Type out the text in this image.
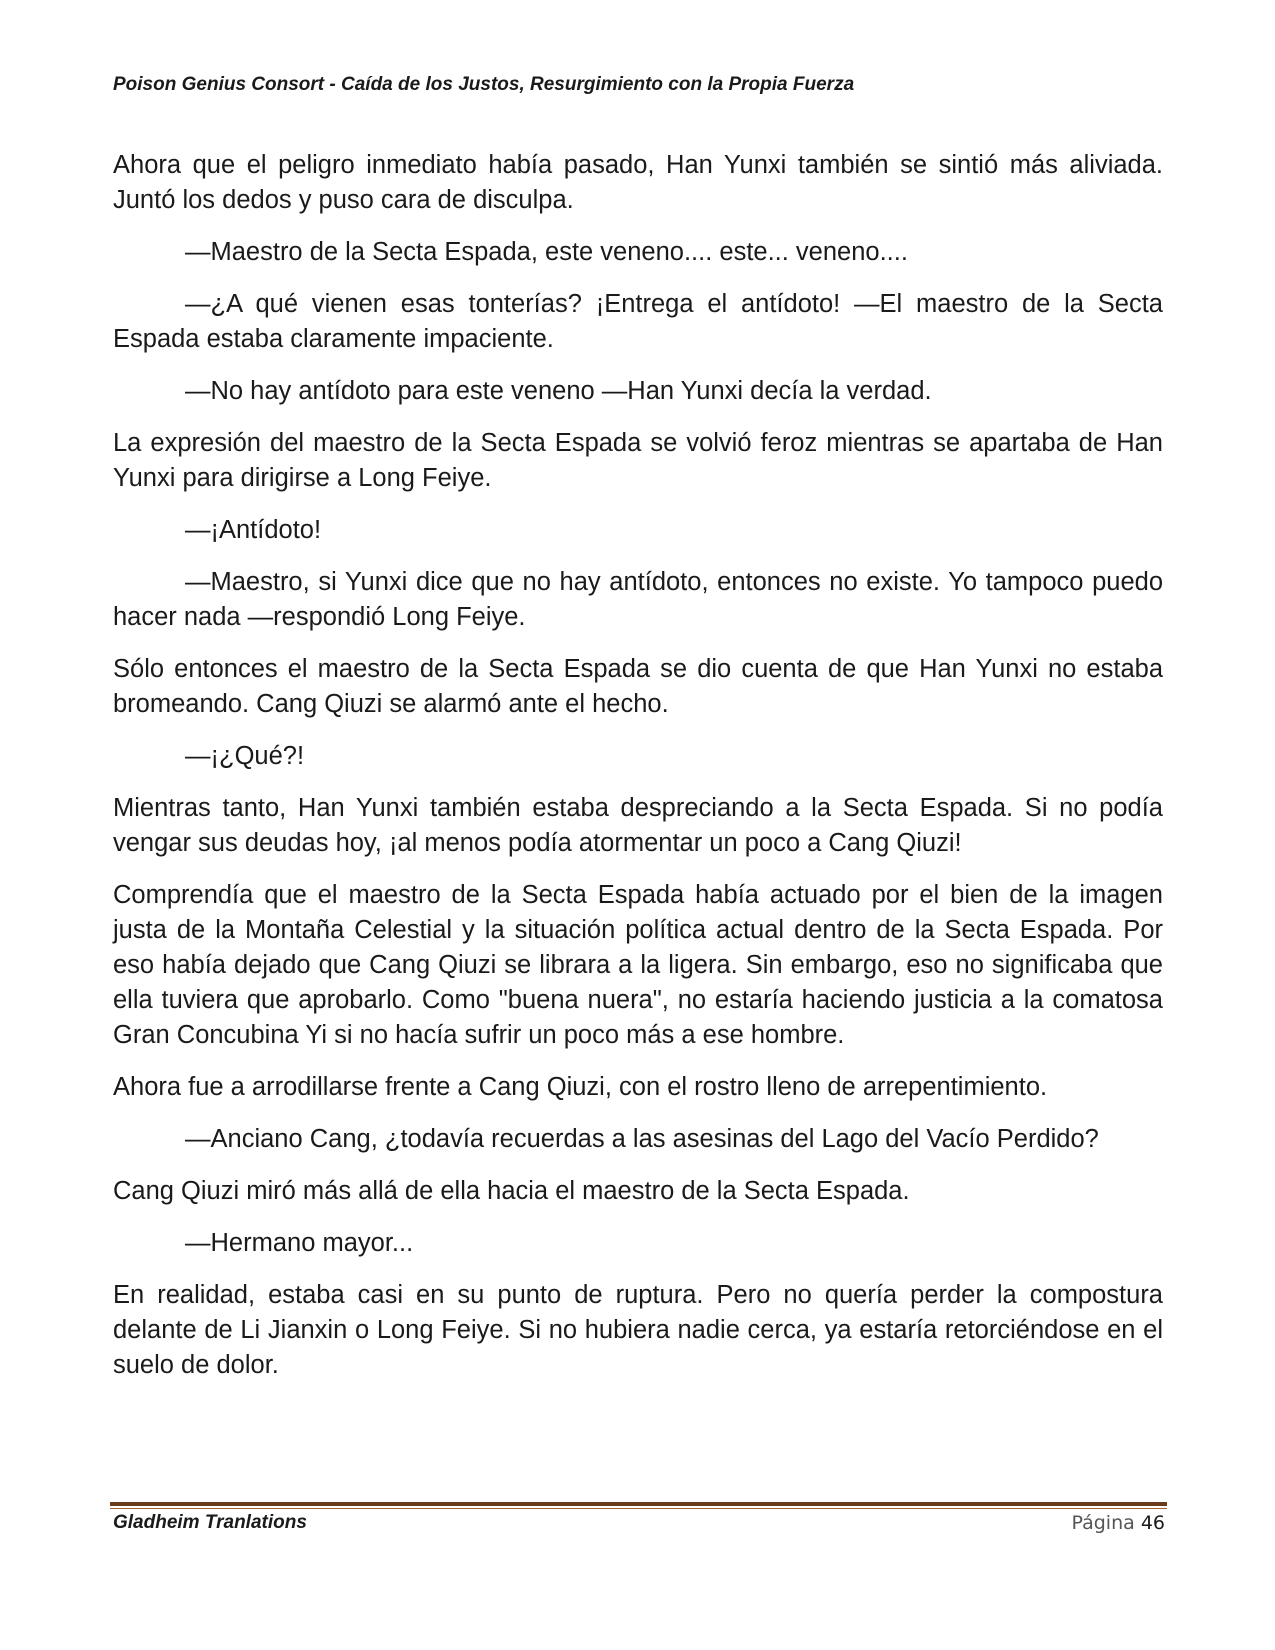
Poison Genius Consort - Caída de los Justos, Resurgimiento con la Propia Fuerza

Ahora que el peligro inmediato había pasado, Han Yunxi también se sintió más aliviada. Juntó los dedos y puso cara de disculpa.

—Maestro de la Secta Espada, este veneno.... este... veneno....

—¿A qué vienen esas tonterías? ¡Entrega el antídoto! —El maestro de la Secta Espada estaba claramente impaciente.

—No hay antídoto para este veneno —Han Yunxi decía la verdad.

La expresión del maestro de la Secta Espada se volvió feroz mientras se apartaba de Han Yunxi para dirigirse a Long Feiye.

—¡Antídoto!

—Maestro, si Yunxi dice que no hay antídoto, entonces no existe. Yo tampoco puedo hacer nada —respondió Long Feiye.

Sólo entonces el maestro de la Secta Espada se dio cuenta de que Han Yunxi no estaba bromeando. Cang Qiuzi se alarmó ante el hecho.

—¡¿Qué?!

Mientras tanto, Han Yunxi también estaba despreciando a la Secta Espada. Si no podía vengar sus deudas hoy, ¡al menos podía atormentar un poco a Cang Qiuzi!

Comprendía que el maestro de la Secta Espada había actuado por el bien de la imagen justa de la Montaña Celestial y la situación política actual dentro de la Secta Espada. Por eso había dejado que Cang Qiuzi se librara a la ligera. Sin embargo, eso no significaba que ella tuviera que aprobarlo. Como "buena nuera", no estaría haciendo justicia a la comatosa Gran Concubina Yi si no hacía sufrir un poco más a ese hombre.

Ahora fue a arrodillarse frente a Cang Qiuzi, con el rostro lleno de arrepentimiento.

—Anciano Cang, ¿todavía recuerdas a las asesinas del Lago del Vacío Perdido?

Cang Qiuzi miró más allá de ella hacia el maestro de la Secta Espada.

—Hermano mayor...

En realidad, estaba casi en su punto de ruptura. Pero no quería perder la compostura delante de Li Jianxin o Long Feiye. Si no hubiera nadie cerca, ya estaría retorciéndose en el suelo de dolor.

Gladheim Tranlations	Página 46
